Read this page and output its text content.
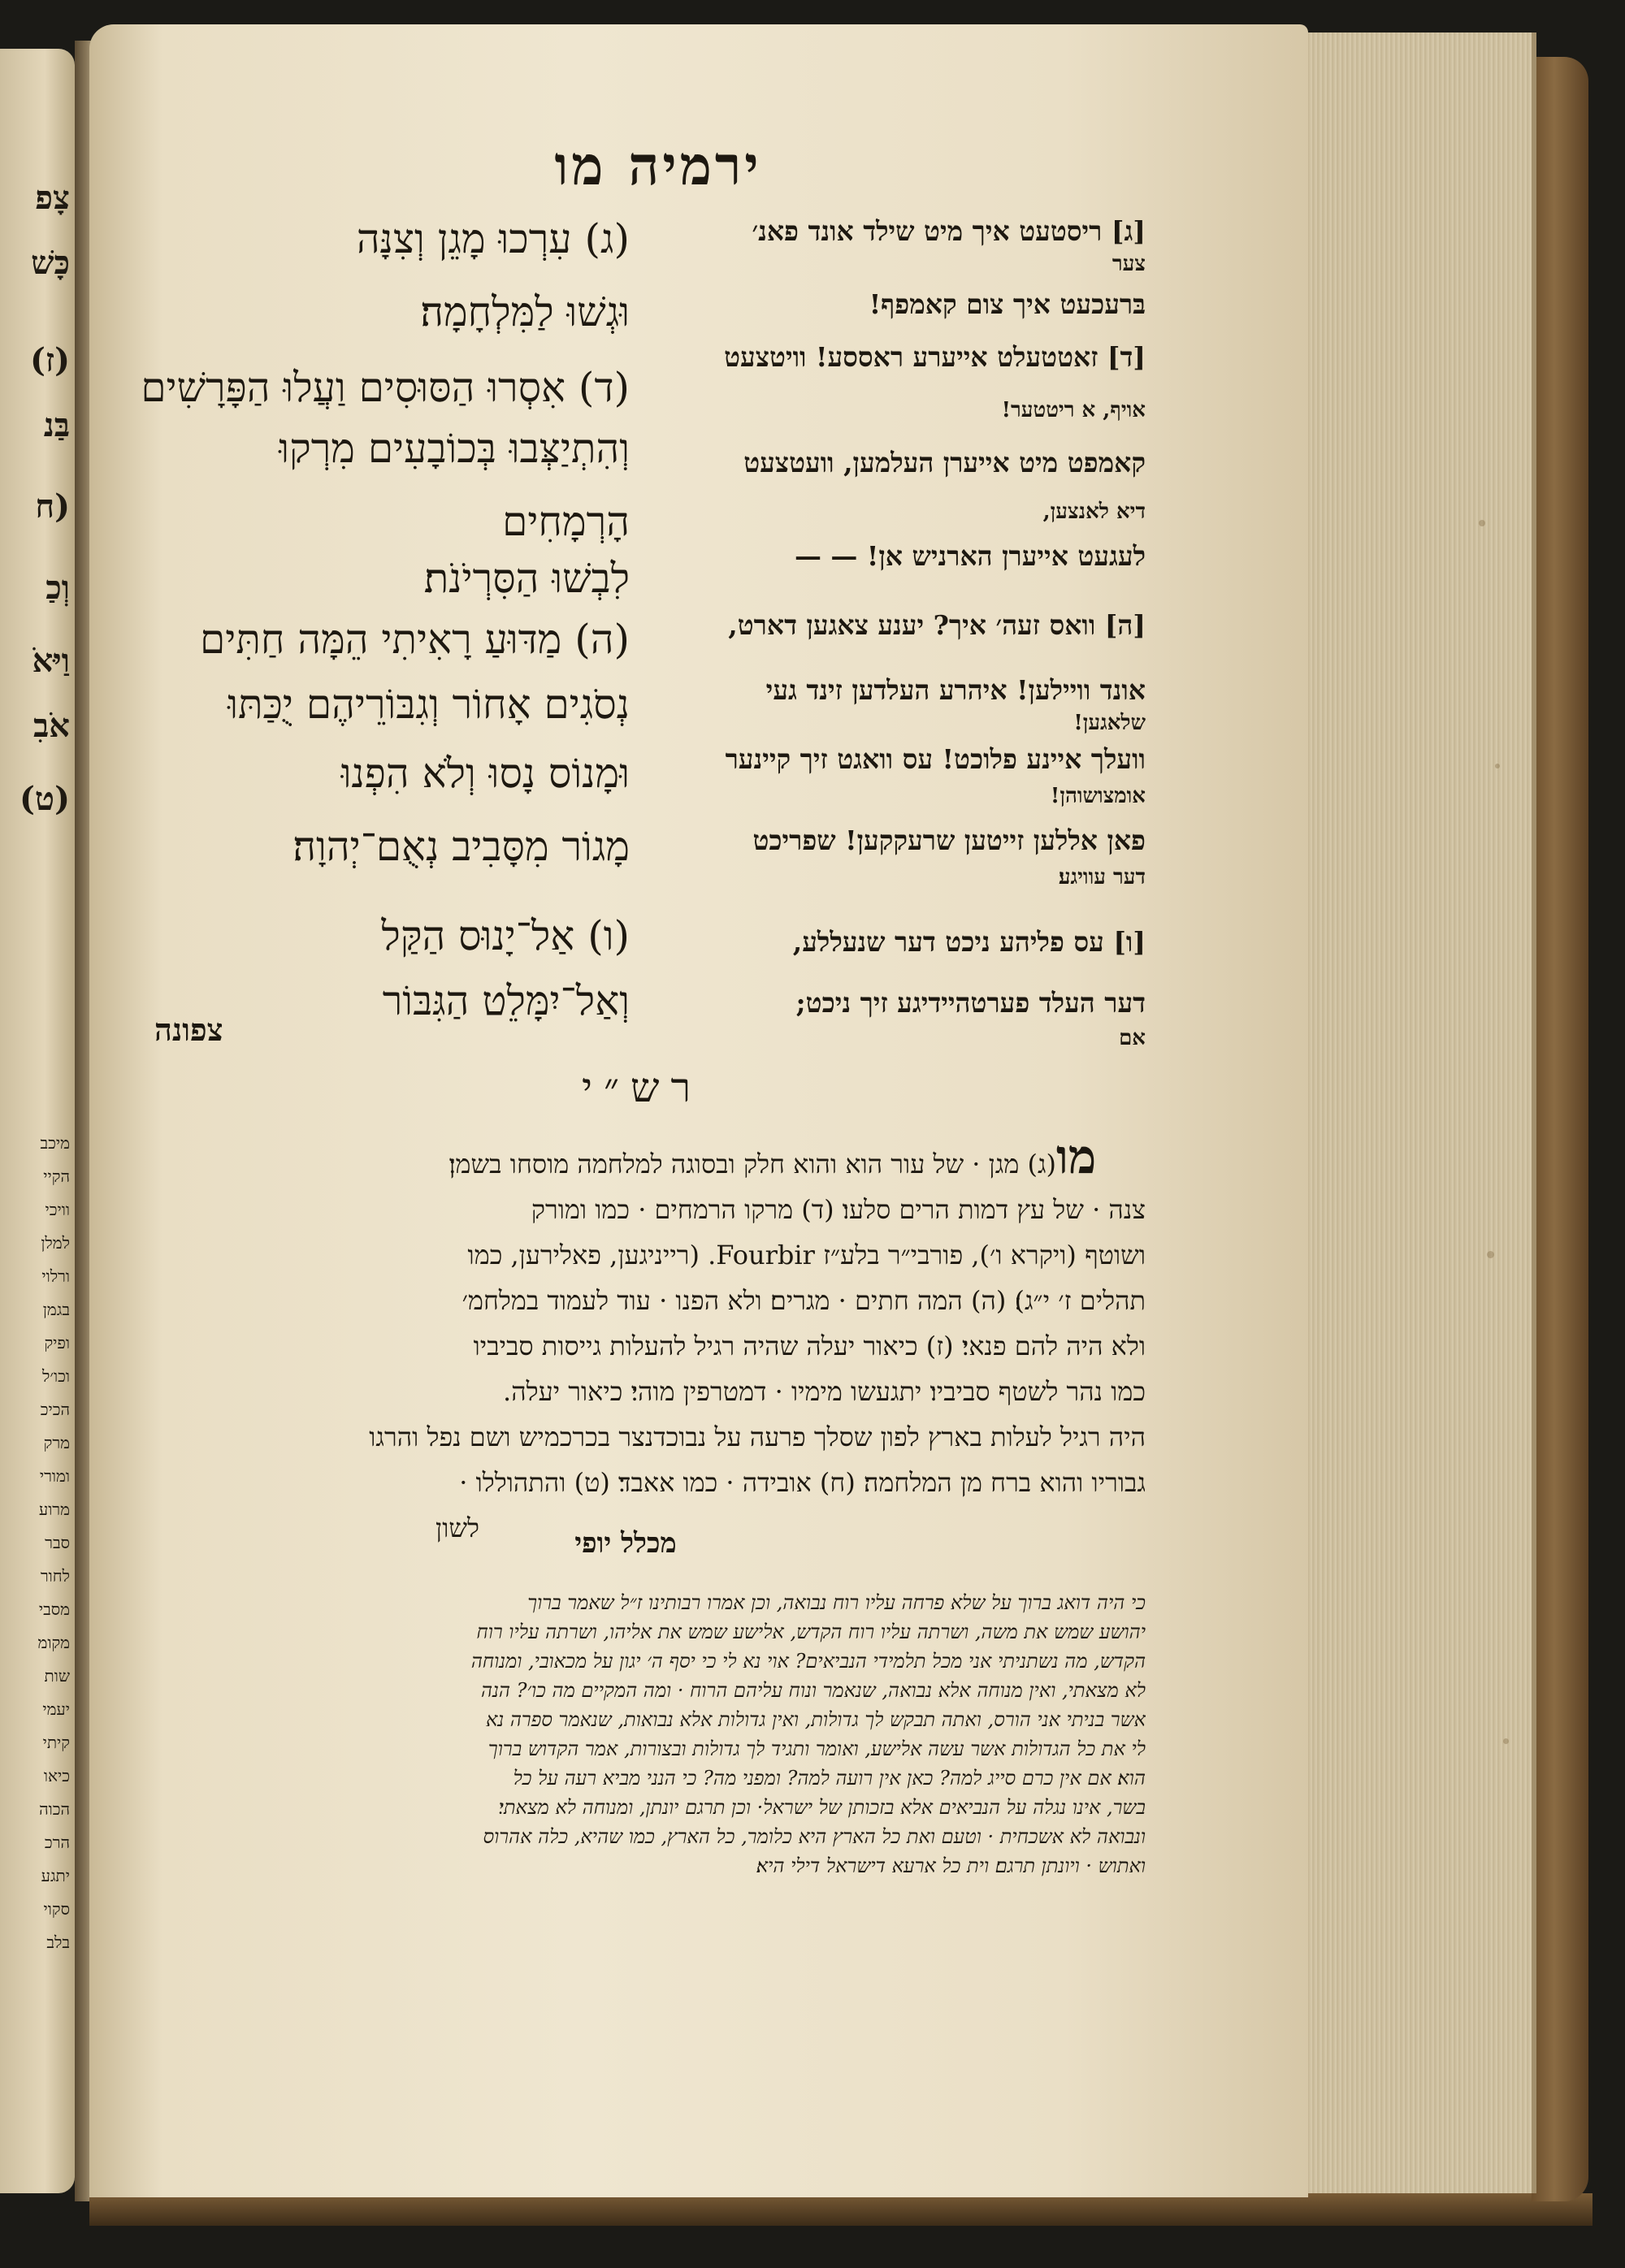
צָפ
כָּשׁ
(ז)
בַּנ
(ח
וְכַ
וַיּאֹ
אֹבִ
(ט)
מיכב
הקיי
וויכי
למלן
ורלוי
בגמן
ופיק
וכו׳ל
הכיכ
מרק
ומורי
מרוע
סבר
לחור
מסבי
מקומ
שות
יעמי
קיתי
כיאו
הכוה
הרכ
יתגע
סקוי
בלב
ירמיה מו
(ג) עִרְכוּ מָגֵן וְצִנָּה
וּגְשׁוּ לַמִּלְחָמָה׃
(ד) אִסְרוּ הַסּוּסִים וַעֲלוּ הַפָּרָשִׁים
וְהִתְיַצְּבוּ בְּכוֹבָעִים מִרְקוּ
הָרְמָחִים
לִבְשׁוּ הַסִּרְיֹנֹת׃
(ה) מַדּוּעַ רָאִיתִי הֵמָּה חַתִּים
נְסֹגִים אָחוֹר וְגִבּוֹרֵיהֶם יֻכַּתּוּ
וּמָנוֹס נָסוּ וְלֹא הִפְנוּ
מָגוֹר מִסָּבִיב נְאֻם־יְהוָה׃
(ו) אַל־יָנוּס הַקַּל
וְאַל־יִמָּלֵט הַגִּבּוֹר
[ג] ריסטעט איך מיט שילד אונד פאנ׳
צער
בּרעכעט איך צום קאמפף!
[ד] זאטטעלט אייערע ראססע! וויטצעט
אויף, א ריטטער!
קאמפט מיט אייערן העלמען, וועטצעט
דיא לאנצען,
לעגעט אייערן הארניש אן! — —
[ה] וואס זעה׳ איך? יענע צאגען דארט,
אונד וויילען! איהרע העלדען זינד געי
שלאגען!
וועלך איינע פלוכט! עס וואגט זיך קיינער
אומצושוהן!
פאן אללען זייטען שרעקקען! שפריכט
דער עוויגע׃
[ו] עס פליהע ניכט דער שנעללע,
דער העלד פערטהיידיגע זיך ניכט;
אם
צפונה
רש״י
מו
(ג) מגן · של עור הוא והוא חלק ובסוגה למלחמה מוסחו בשמן׃
צנה · של עץ דמות הרים סלעו׃ (ד) מרקו הרמחים · כמו ומורק
ושוטף (ויקרא ו׳), פורבי״ר בלע״ז Fourbir. (רייניגען, פאלירען, כמו
תהלים ז׳ י״ג)׃ (ה) המה חתים · מגרים׃ ולא הפנו · עוד לעמוד במלחמ׳
ולא היה להם פנאי׃ (ז) כיאור יעלה שהיה רגיל להעלות גייסות סביביו
כמו נהר לשטף סביביו׃ יתגעשו מימיו · דמטרפין מוהי׃ כיאור יעלה.
היה רגיל לעלות בארץ לפון שסלך פרעה על נבוכדנצר בכרכמיש ושם נפל והרגו
גבוריו והוא ברח מן המלחמה׃ (ח) אובידה · כמו אאבד׃ (ט) והתהוללו ·
לשון	מכלל יופי
כי היה דואג ברוך על שלא פרחה עליו רוח נבואה, וכן אמרו רבותינו ז״ל שאמר ברוך
יהושע שמש את משה, ושרתה עליו רוח הקדש, אלישע שמש את אליהו, ושרתה עליו רוח
הקדש, מה נשתניתי אני מכל תלמידי הנביאים? אוי נא לי כי יסף ה׳ יגון על מכאובי, ומנוחה
לא מצאתי, ואין מנוחה אלא נבואה, שנאמר ונוח עליהם הרוח · ומה המקיים מה כו׳? הנה
אשר בניתי אני הורס, ואתה תבקש לך גדולות, ואין גדולות אלא נבואות, שנאמר ספרה נא
לי את כל הגדולות אשר עשה אלישע, ואומר ותגיד לך גדולות ובצורות, אמר הקדוש ברוך
הוא׃ אם אין כרם סייג למה? כאן אין רועה למה? ומפני מה? כי הנני מביא רעה על כל
בשר, אינו נגלה על הנביאים אלא בזכותן של ישראל· וכן תרגם יונתן, ומנוחה לא מצאתי׃
ונבואה לא אשכחית · וטעם ואת כל הארץ היא כלומר, כל הארץ, כמו שהיא, כלה אהרוס
ואתוש · ויונתן תרגם׃ וית כל ארעא דישראל דילי היא׃
